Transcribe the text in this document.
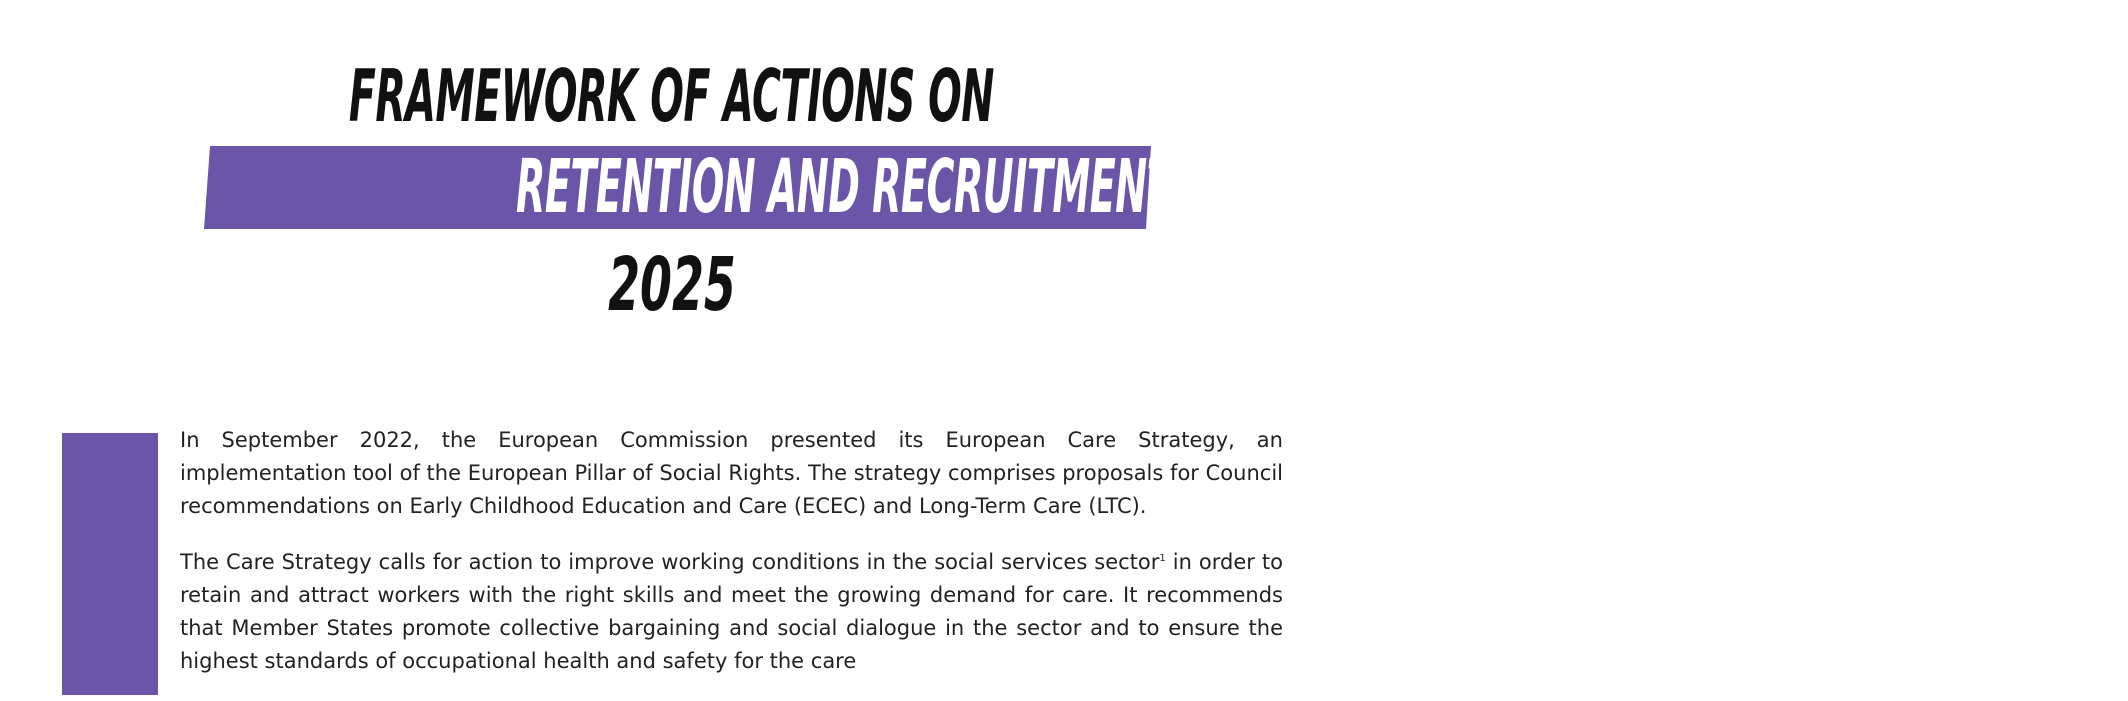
FRAMEWORK OF ACTIONS ON
RETENTION AND RECRUITMENT IN SOCIAL SERVICES
2025
BACKGROUND

In September 2022, the European Commission presented its European Care Strategy, an implementation tool of the European Pillar of Social Rights. The strategy comprises proposals for Council recommendations on Early Childhood Education and Care (ECEC) and Long-Term Care (LTC).

The Care Strategy calls for action to improve working conditions in the social services sector$^1$ in order to retain and attract workers with the right skills and meet the growing demand for care. It recommends that Member States promote collective bargaining and social dialogue in the sector and to ensure the highest standards of occupational health and safety for the care
